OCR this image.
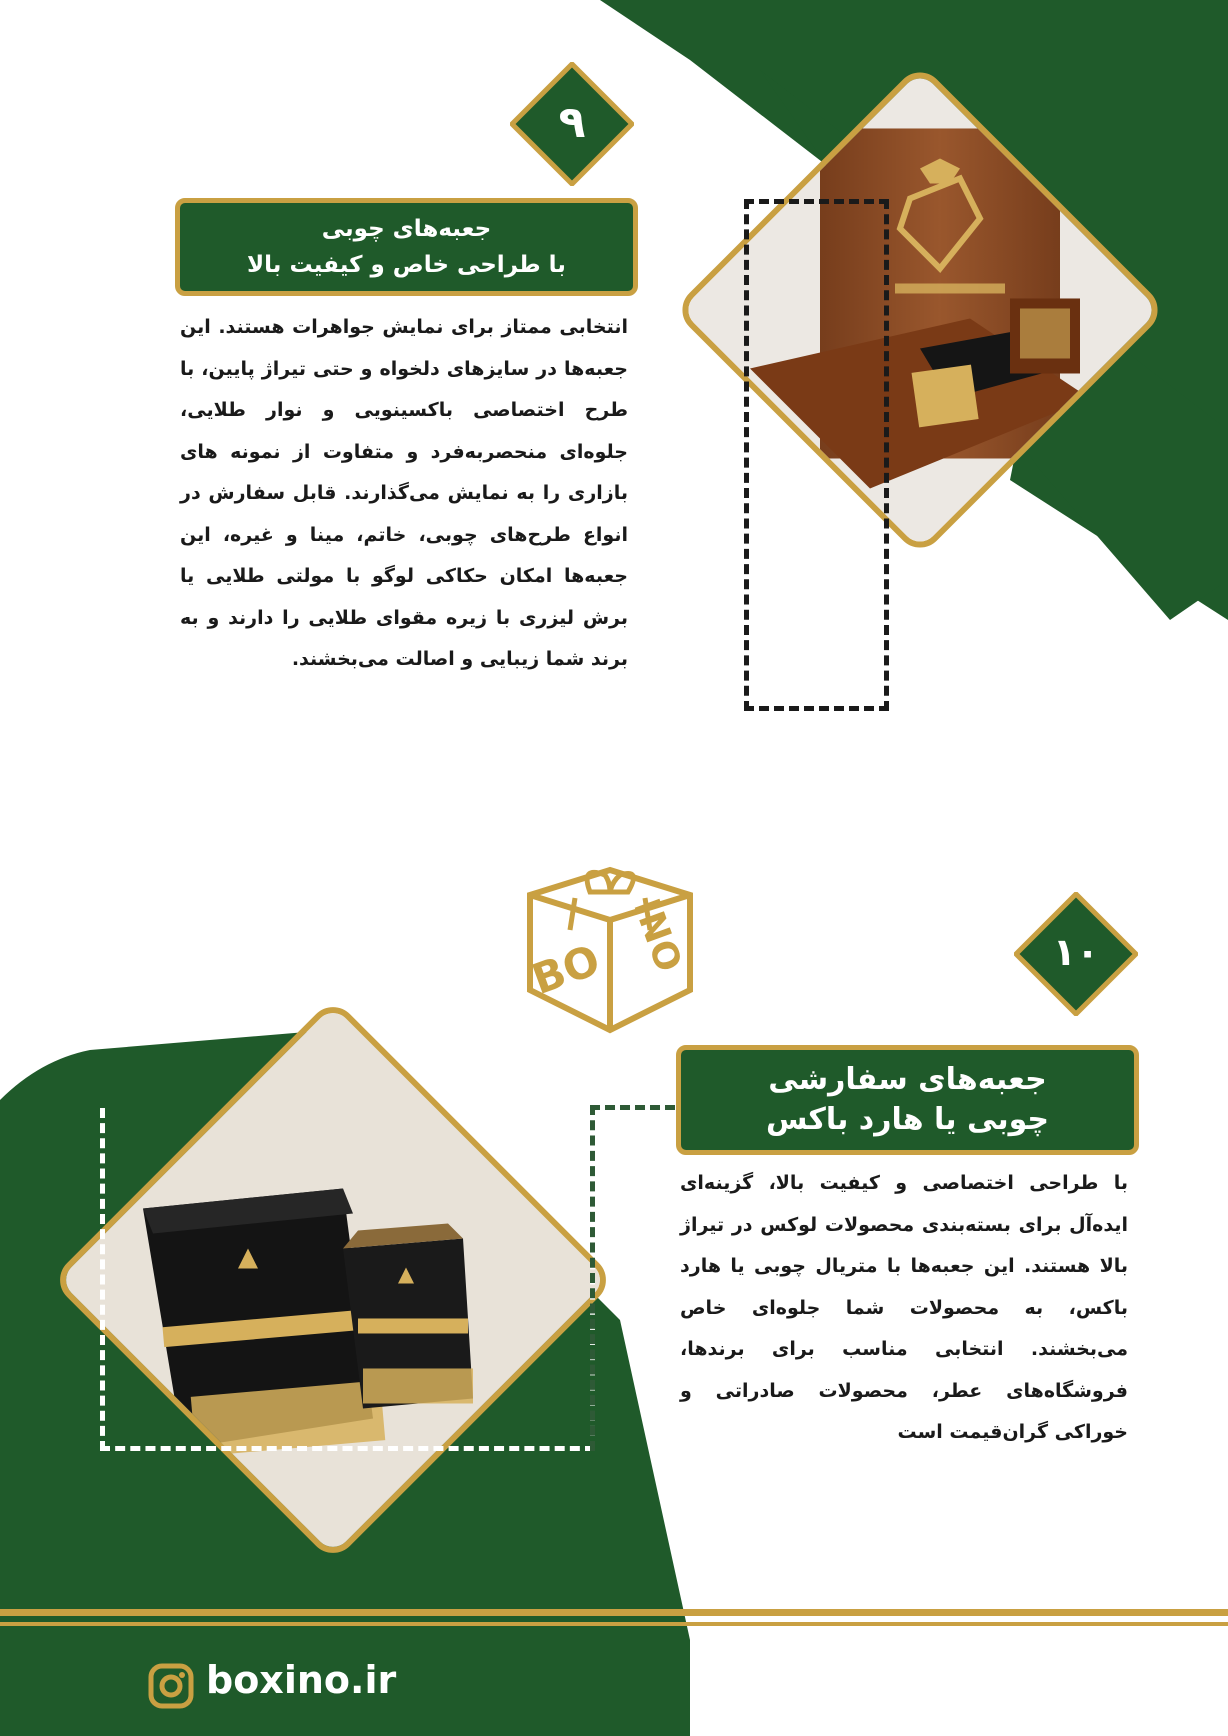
۹
جعبه‌های چوبی
با طراحی خاص و کیفیت بالا
انتخابی ممتاز برای نمایش جواهرات هستند. این جعبه‌ها در سایزهای دلخواه و حتی تیراژ پایین، با طرح اختصاصی باکسینویی و نوار طلایی، جلوه‌ای منحصربه‌فرد و متفاوت از نمونه های بازاری را به نمایش می‌گذارند. قابل سفارش در انواع طرح‌های چوبی، خاتم، مینا و غیره، این جعبه‌ها امکان حکاکی لوگو با مولتی طلایی یا برش لیزری با زیره مقوای طلایی را دارند و به برند شما زیبایی و اصالت می‌بخشند.
BO INO	۱۰
جعبه‌های سفارشی
چوبی یا هارد باکس
با طراحی اختصاصی و کیفیت بالا، گزینه‌ای ایده‌آل برای بسته‌بندی محصولات لوکس در تیراژ بالا هستند. این جعبه‌ها با متریال چوبی یا هارد باکس، به محصولات شما جلوه‌ای خاص می‌بخشند. انتخابی مناسب برای برندها، فروشگاه‌های عطر، محصولات صادراتی و خوراکی گران‌قیمت است
boxino.ir
